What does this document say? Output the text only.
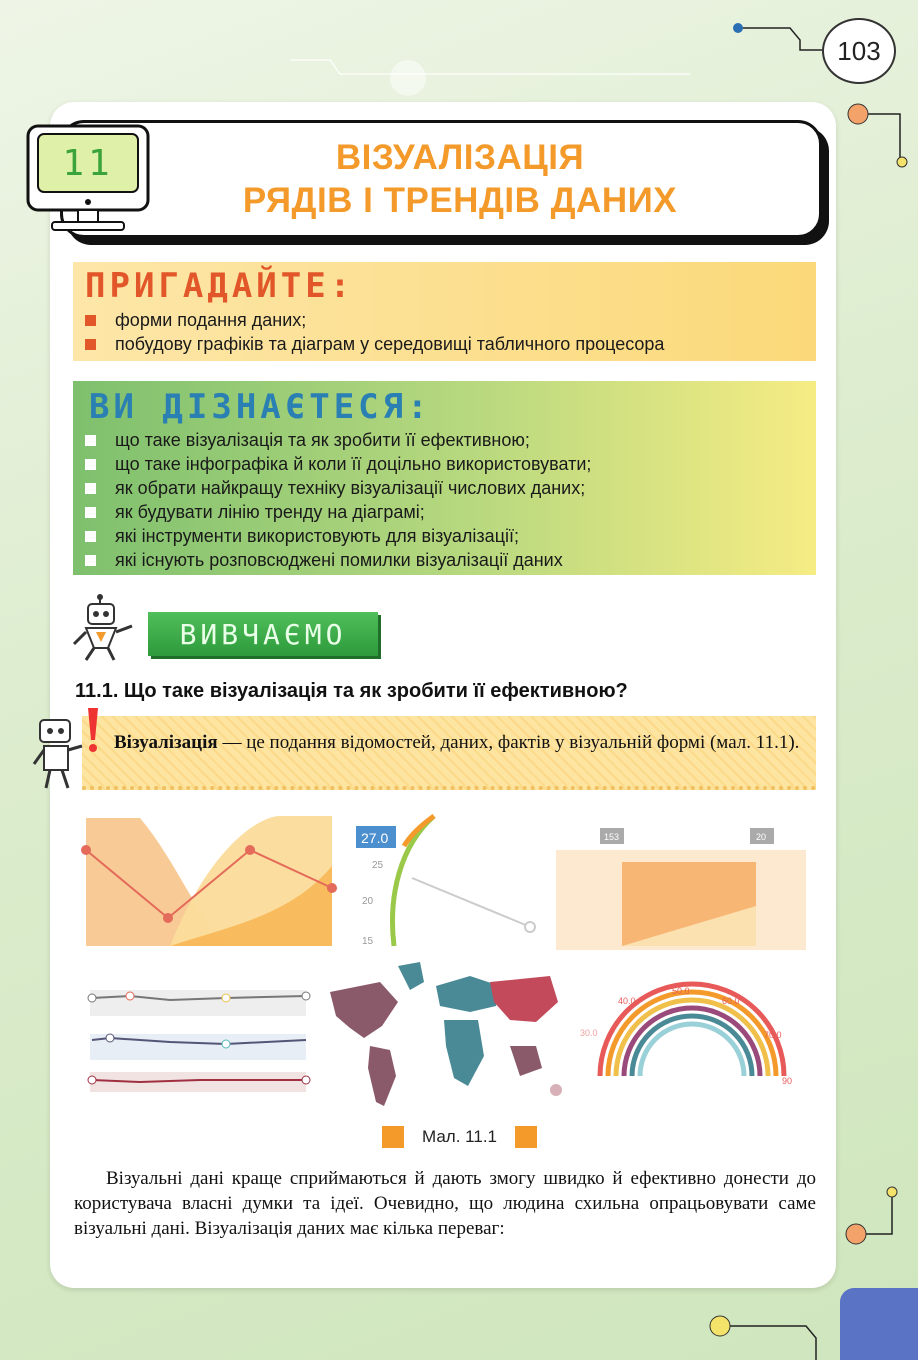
103
11	ВІЗУАЛІЗАЦІЯ
РЯДІВ І ТРЕНДІВ ДАНИХ
ПРИГАДАЙТЕ:
форми подання даних;
побудову графіків та діаграм у середовищі табличного процесора
ВИ ДІЗНАЄТЕСЯ:
що таке візуалізація та як зробити її ефективною;
що таке інфографіка й коли її доцільно використовувати;
як обрати найкращу техніку візуалізації числових даних;
як будувати лінію тренду на діаграмі;
які інструменти використовують для візуалізації;
які існують розповсюджені помилки візуалізації даних
ВИВЧАЄМО
11.1. Що таке візуалізація та як зробити її ефективною?
Візуалізація — це подання відомостей, даних, фактів у візуальній формі (мал. 11.1).
27.0
25
20
15
153	20
40.0
50.0
60.0
30.0	70.0
90
Мал. 11.1
Візуальні дані краще сприймаються й дають змогу швидко й ефективно донести до користувача власні думки та ідеї. Очевидно, що людина схильна опрацьовувати саме візуальні дані. Візуалізація даних має кілька переваг:
